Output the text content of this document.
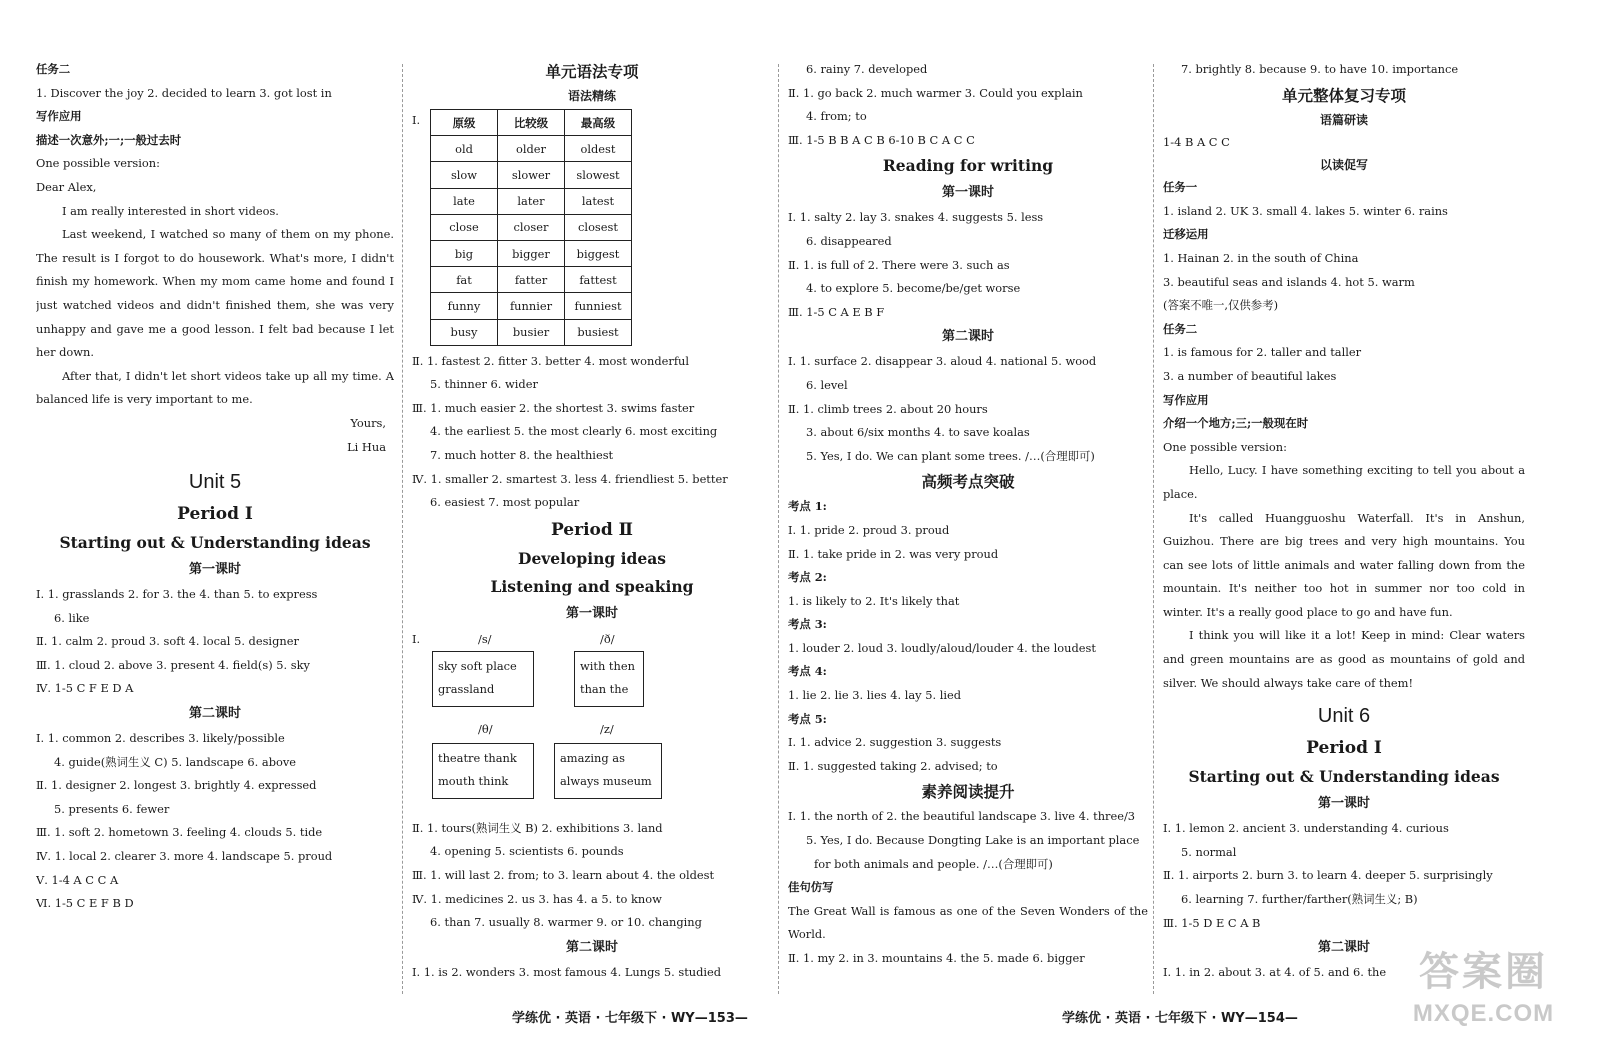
任务二
1. Discover the joy 2. decided to learn 3. got lost in
写作应用
描述一次意外;一;一般过去时
One possible version:
Dear Alex,
I am really interested in short videos.
Last weekend, I watched so many of them on my phone. The result is I forgot to do housework. What's more, I didn't finish my homework. When my mom came home and found I just watched videos and didn't finished them, she was very unhappy and gave me a good lesson. I felt bad because I let her down.
After that, I didn't let short videos take up all my time. A balanced life is very important to me.
Yours,
Li Hua
Unit 5
Period Ⅰ
Starting out & Understanding ideas
第一课时
Ⅰ. 1. grasslands 2. for 3. the 4. than 5. to express
6. like
Ⅱ. 1. calm 2. proud 3. soft 4. local 5. designer
Ⅲ. 1. cloud 2. above 3. present 4. field(s) 5. sky
Ⅳ. 1-5 C F E D A
第二课时
Ⅰ. 1. common 2. describes 3. likely/possible
4. guide(熟词生义 C) 5. landscape 6. above
Ⅱ. 1. designer 2. longest 3. brightly 4. expressed
5. presents 6. fewer
Ⅲ. 1. soft 2. hometown 3. feeling 4. clouds 5. tide
Ⅳ. 1. local 2. clearer 3. more 4. landscape 5. proud
Ⅴ. 1-4 A C C A
Ⅵ. 1-5 C E F B D
单元语法专项
语法精练
Ⅰ.	原级	比较级	最高级
old	older	oldest
slow	slower	slowest
late	later	latest
close	closer	closest
big	bigger	biggest
fat	fatter	fattest
funny	funnier	funniest
busy	busier	busiest
Ⅱ. 1. fastest 2. fitter 3. better 4. most wonderful
5. thinner 6. wider
Ⅲ. 1. much easier 2. the shortest 3. swims faster
4. the earliest 5. the most clearly 6. most exciting
7. much hotter 8. the healthiest
Ⅳ. 1. smaller 2. smartest 3. less 4. friendliest 5. better
6. easiest 7. most popular
Period Ⅱ
Developing ideas
Listening and speaking
第一课时
Ⅰ.	/s/	/ð/
sky soft place
grassland
with then
than the
/θ/	/z/
theatre thank
mouth think
amazing as
always museum
Ⅱ. 1. tours(熟词生义 B) 2. exhibitions 3. land
4. opening 5. scientists 6. pounds
Ⅲ. 1. will last 2. from; to 3. learn about 4. the oldest
Ⅳ. 1. medicines 2. us 3. has 4. a 5. to know
6. than 7. usually 8. warmer 9. or 10. changing
第二课时
Ⅰ. 1. is 2. wonders 3. most famous 4. Lungs 5. studied
6. rainy 7. developed
Ⅱ. 1. go back 2. much warmer 3. Could you explain
4. from; to
Ⅲ. 1-5 B B A C B 6-10 B C A C C
Reading for writing
第一课时
Ⅰ. 1. salty 2. lay 3. snakes 4. suggests 5. less
6. disappeared
Ⅱ. 1. is full of 2. There were 3. such as
4. to explore 5. become/be/get worse
Ⅲ. 1-5 C A E B F
第二课时
Ⅰ. 1. surface 2. disappear 3. aloud 4. national 5. wood
6. level
Ⅱ. 1. climb trees 2. about 20 hours
3. about 6/six months 4. to save koalas
5. Yes, I do. We can plant some trees. /…(合理即可)
高频考点突破
考点 1:
Ⅰ. 1. pride 2. proud 3. proud
Ⅱ. 1. take pride in 2. was very proud
考点 2:
1. is likely to 2. It's likely that
考点 3:
1. louder 2. loud 3. loudly/aloud/louder 4. the loudest
考点 4:
1. lie 2. lie 3. lies 4. lay 5. lied
考点 5:
Ⅰ. 1. advice 2. suggestion 3. suggests
Ⅱ. 1. suggested taking 2. advised; to
素养阅读提升
Ⅰ. 1. the north of 2. the beautiful landscape 3. live 4. three/3
5. Yes, I do. Because Dongting Lake is an important place
for both animals and people. /…(合理即可)
佳句仿写
The Great Wall is famous as one of the Seven Wonders of the World.
Ⅱ. 1. my 2. in 3. mountains 4. the 5. made 6. bigger
7. brightly 8. because 9. to have 10. importance
单元整体复习专项
语篇研读
1-4 B A C C
以读促写
任务一
1. island 2. UK 3. small 4. lakes 5. winter 6. rains
迁移运用
1. Hainan 2. in the south of China
3. beautiful seas and islands 4. hot 5. warm
(答案不唯一,仅供参考)
任务二
1. is famous for 2. taller and taller
3. a number of beautiful lakes
写作应用
介绍一个地方;三;一般现在时
One possible version:
Hello, Lucy. I have something exciting to tell you about a place.
It's called Huangguoshu Waterfall. It's in Anshun, Guizhou. There are big trees and very high mountains. You can see lots of little animals and water falling down from the mountain. It's neither too hot in summer nor too cold in winter. It's a really good place to go and have fun.
I think you will like it a lot! Keep in mind: Clear waters and green mountains are as good as mountains of gold and silver. We should always take care of them!
Unit 6
Period Ⅰ
Starting out & Understanding ideas
第一课时
Ⅰ. 1. lemon 2. ancient 3. understanding 4. curious
5. normal
Ⅱ. 1. airports 2. burn 3. to learn 4. deeper 5. surprisingly
6. learning 7. further/farther(熟词生义; B)
Ⅲ. 1-5 D E C A B
第二课时
Ⅰ. 1. in 2. about 3. at 4. of 5. and 6. the
学练优 · 英语 · 七年级下 · WY—153—	学练优 · 英语 · 七年级下 · WY—154—
答案圈
MXQE.COM
